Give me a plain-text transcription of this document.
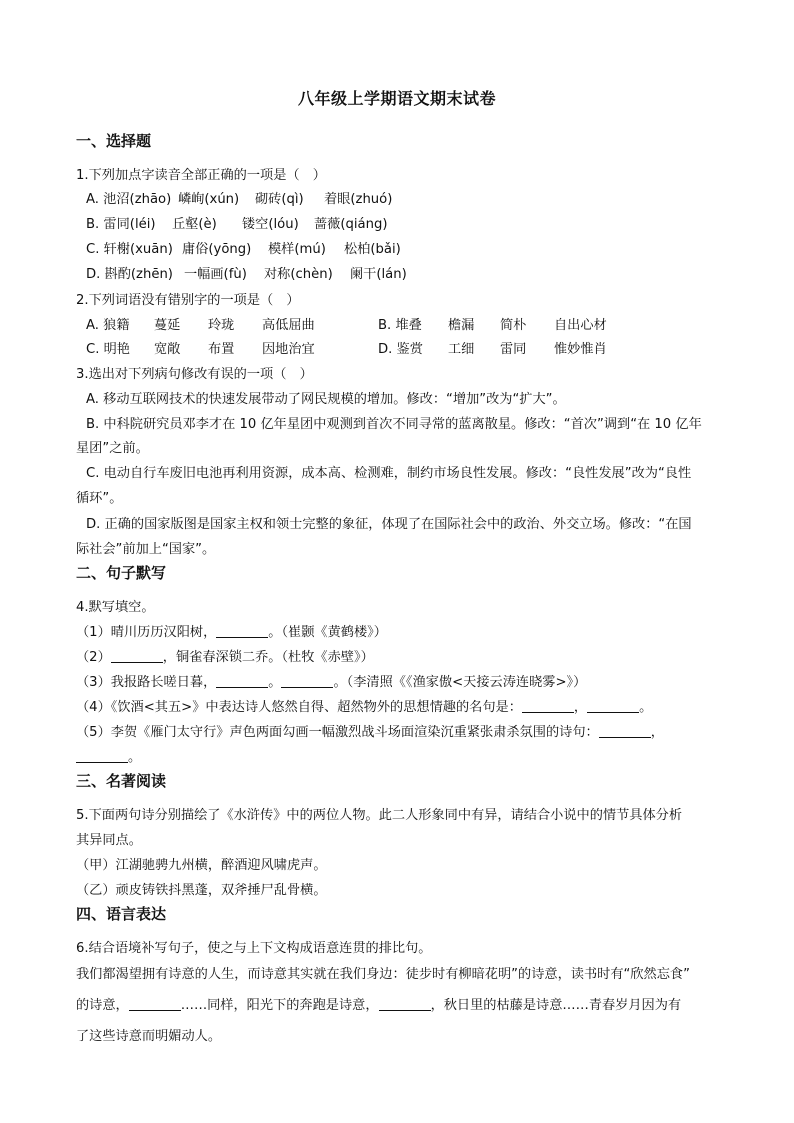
八年级上学期语文期末试卷
一、选择题
1.下列加点字读音全部正确的一项是（　）
A. 池沼(zhāo) 嶙峋(xún) 砌砖(qì) 着眼(zhuó)
B. 雷同(léi) 丘壑(è) 镂空(lóu) 蔷薇(qiáng)
C. 轩榭(xuān) 庸俗(yōng) 模样(mú) 松柏(bǎi)
D. 斟酌(zhēn) 一幅画(fù) 对称(chèn) 阑干(lán)
2.下列词语没有错别字的一项是（　）
A. 狼籍 蔓延 玲珑 高低屈曲	B. 堆叠 檐漏 简朴 自出心材
C. 明艳 宽敞 布置 因地治宜	D. 鉴赏 工细 雷同 惟妙惟肖
3.选出对下列病句修改有误的一项（　）
A. 移动互联网技术的快速发展带动了网民规模的增加。修改：“增加”改为“扩大”。
B. 中科院研究员邓李才在 10 亿年星团中观测到首次不同寻常的蓝离散星。修改：“首次”调到“在 10 亿年
星团”之前。
C. 电动自行车废旧电池再利用资源，成本高、检测难，制约市场良性发展。修改：“良性发展”改为“良性
循环”。
D. 正确的国家版图是国家主权和领士完整的象征，体现了在国际社会中的政治、外交立场。修改：“在国
际社会”前加上“国家”。
二、句子默写
4.默写填空。
（1）晴川历历汉阳树，	。（崔颢《黄鹤楼》）
（2）	，铜雀春深锁二乔。（杜牧《赤壁》）
（3）我报路长嗟日暮，	。	。（李清照《《渔家傲<天接云涛连晓雾>》）
（4）《饮酒<其五>》中表达诗人悠然自得、超然物外的思想情趣的名句是：	，	。
（5）李贺《雁门太守行》声色两面勾画一幅激烈战斗场面渲染沉重紧张肃杀氛围的诗句：	，
。
三、名著阅读
5.下面两句诗分别描绘了《水浒传》中的两位人物。此二人形象同中有异，请结合小说中的情节具体分析
其异同点。
（甲）江湖驰骋九州横，醉酒迎风啸虎声。
（乙）顽皮铸铁抖黑蓬，双斧捶尸乱骨横。
四、语言表达
6.结合语境补写句子，使之与上下文构成语意连贯的排比句。
我们都渴望拥有诗意的人生，而诗意其实就在我们身边：徒步时有柳暗花明”的诗意，读书时有“欣然忘食”
的诗意，	……同样，阳光下的奔跑是诗意，	，秋日里的枯藤是诗意……青春岁月因为有
了这些诗意而明媚动人。
